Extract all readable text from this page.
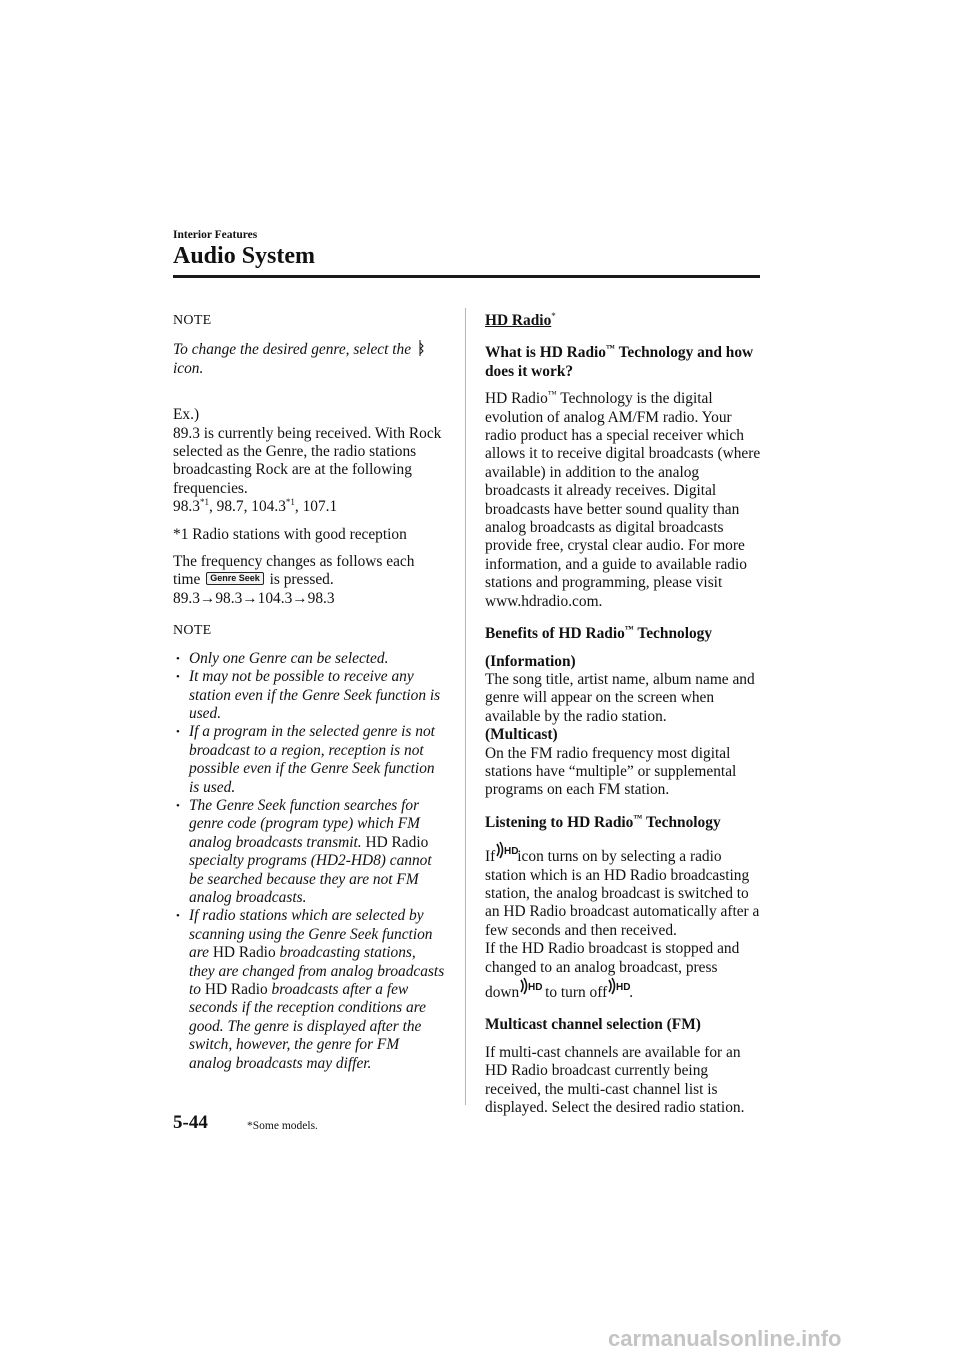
Interior Features
Audio System

NOTE

To change the desired genre, select the
icon.

Ex.)

89.3 is currently being received. With Rock selected as the Genre, the radio stations broadcasting Rock are at the following frequencies.

98.3$^{*1}$, 98.7, 104.3$^{*1}$, 107.1

*1 Radio stations with good reception

The frequency changes as follows each time Genre Seek is pressed.

89.3→98.3→104.3→98.3

NOTE

• Only one Genre can be selected.
• It may not be possible to receive any station even if the Genre Seek function is used.
• If a program in the selected genre is not broadcast to a region, reception is not possible even if the Genre Seek function is used.
• The Genre Seek function searches for genre code (program type) which FM analog broadcasts transmit. HD Radio specialty programs (HD2-HD8) cannot be searched because they are not FM analog broadcasts.
• If radio stations which are selected by scanning using the Genre Seek function are HD Radio broadcasting stations, they are changed from analog broadcasts to HD Radio broadcasts after a few seconds if the reception conditions are good. The genre is displayed after the switch, however, the genre for FM analog broadcasts may differ.

HD Radio*

What is HD Radio™ Technology and how does it work?

HD Radio™ Technology is the digital evolution of analog AM/FM radio. Your radio product has a special receiver which allows it to receive digital broadcasts (where available) in addition to the analog broadcasts it already receives. Digital broadcasts have better sound quality than analog broadcasts as digital broadcasts provide free, crystal clear audio. For more information, and a guide to available radio stations and programming, please visit www.hdradio.com.

Benefits of HD Radio™ Technology

(Information)

The song title, artist name, album name and genre will appear on the screen when available by the radio station.

(Multicast)

On the FM radio frequency most digital stations have “multiple” or supplemental programs on each FM station.

Listening to HD Radio™ Technology

If HD
icon turns on by selecting a radio station which is an HD Radio broadcasting station, the analog broadcast is switched to an HD Radio broadcast automatically after a few seconds and then received.

If the HD Radio broadcast is stopped and changed to an analog broadcast, press

down HD to turn off HD
.

Multicast channel selection (FM)

If multi-cast channels are available for an HD Radio broadcast currently being received, the multi-cast channel list is displayed. Select the desired radio station.

5-44	*Some models.
carmanualsonline.info
